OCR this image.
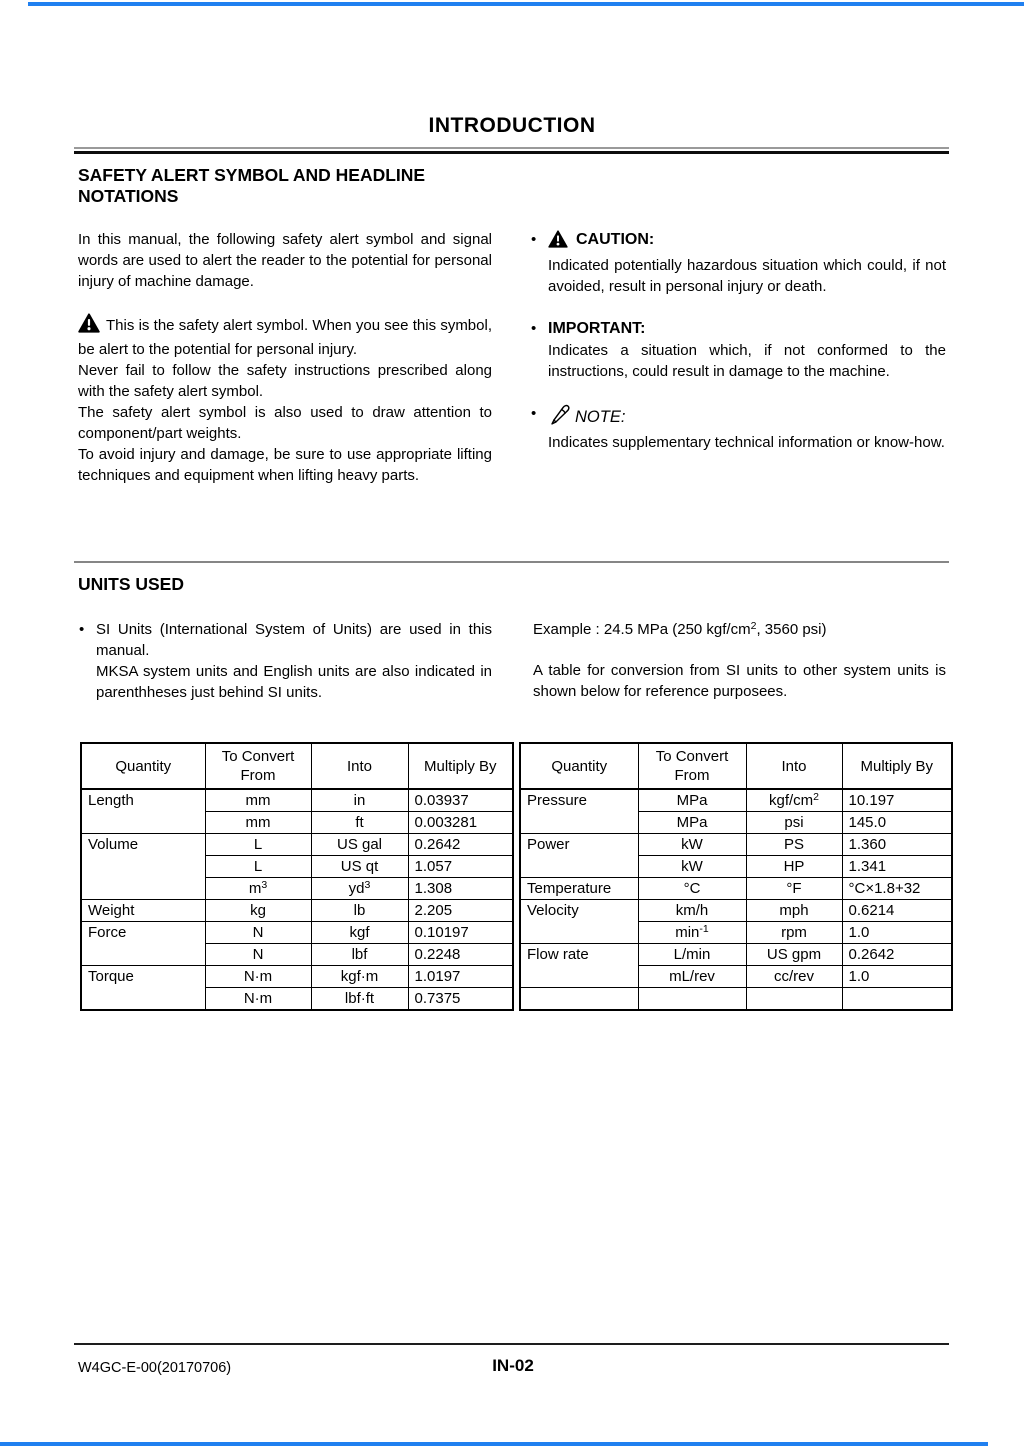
INTRODUCTION
SAFETY ALERT SYMBOL AND HEADLINE
NOTATIONS
In this manual, the following safety alert symbol and signal words are used to alert the reader to the potential for personal injury of machine damage.
This is the safety alert symbol. When you see this symbol, be alert to the potential for personal injury.
Never fail to follow the safety instructions prescribed along with the safety alert symbol.
The safety alert symbol is also used to draw attention to component/part weights.
To avoid injury and damage, be sure to use appropriate lifting techniques and equipment when lifting heavy parts.
•	CAUTION:
Indicated potentially hazardous situation which could, if not avoided, result in personal injury or death.
• IMPORTANT:
Indicates a situation which, if not conformed to the instructions, could result in damage to the machine.
•	NOTE:
Indicates supplementary technical information or know-how.
UNITS USED
• SI Units (International System of Units) are used in this manual.
MKSA system units and English units are also indicated in parenthheses just behind SI units.
Example : 24.5 MPa (250 kgf/$cm^2$, 3560 psi)
A table for conversion from SI units to other system units is shown below for reference purposees.
Quantity	To Convert From	Into	Multiply By
Length	mm	in	0.03937
	mm	ft	0.003281
Volume	L	US gal	0.2642
	L	US qt	1.057
	$m^3$	$yd^3$	1.308
Weight	kg	lb	2.205
Force	N	kgf	0.10197
	N	lbf	0.2248
Torque	N·m	kgf·m	1.0197
	N·m	lbf·ft	0.7375
Quantity	To Convert From	Into	Multiply By
Pressure	MPa	kgf/$cm^2$	10.197
	MPa	psi	145.0
Power	kW	PS	1.360
	kW	HP	1.341
Temperature	°C	°F	°C×1.8+32
Velocity	km/h	mph	0.6214
	$\min^{-1}$	rpm	1.0
Flow rate	L/min	US gpm	0.2642
	mL/rev	cc/rev	1.0

W4GC-E-00(20170706)	IN-02
